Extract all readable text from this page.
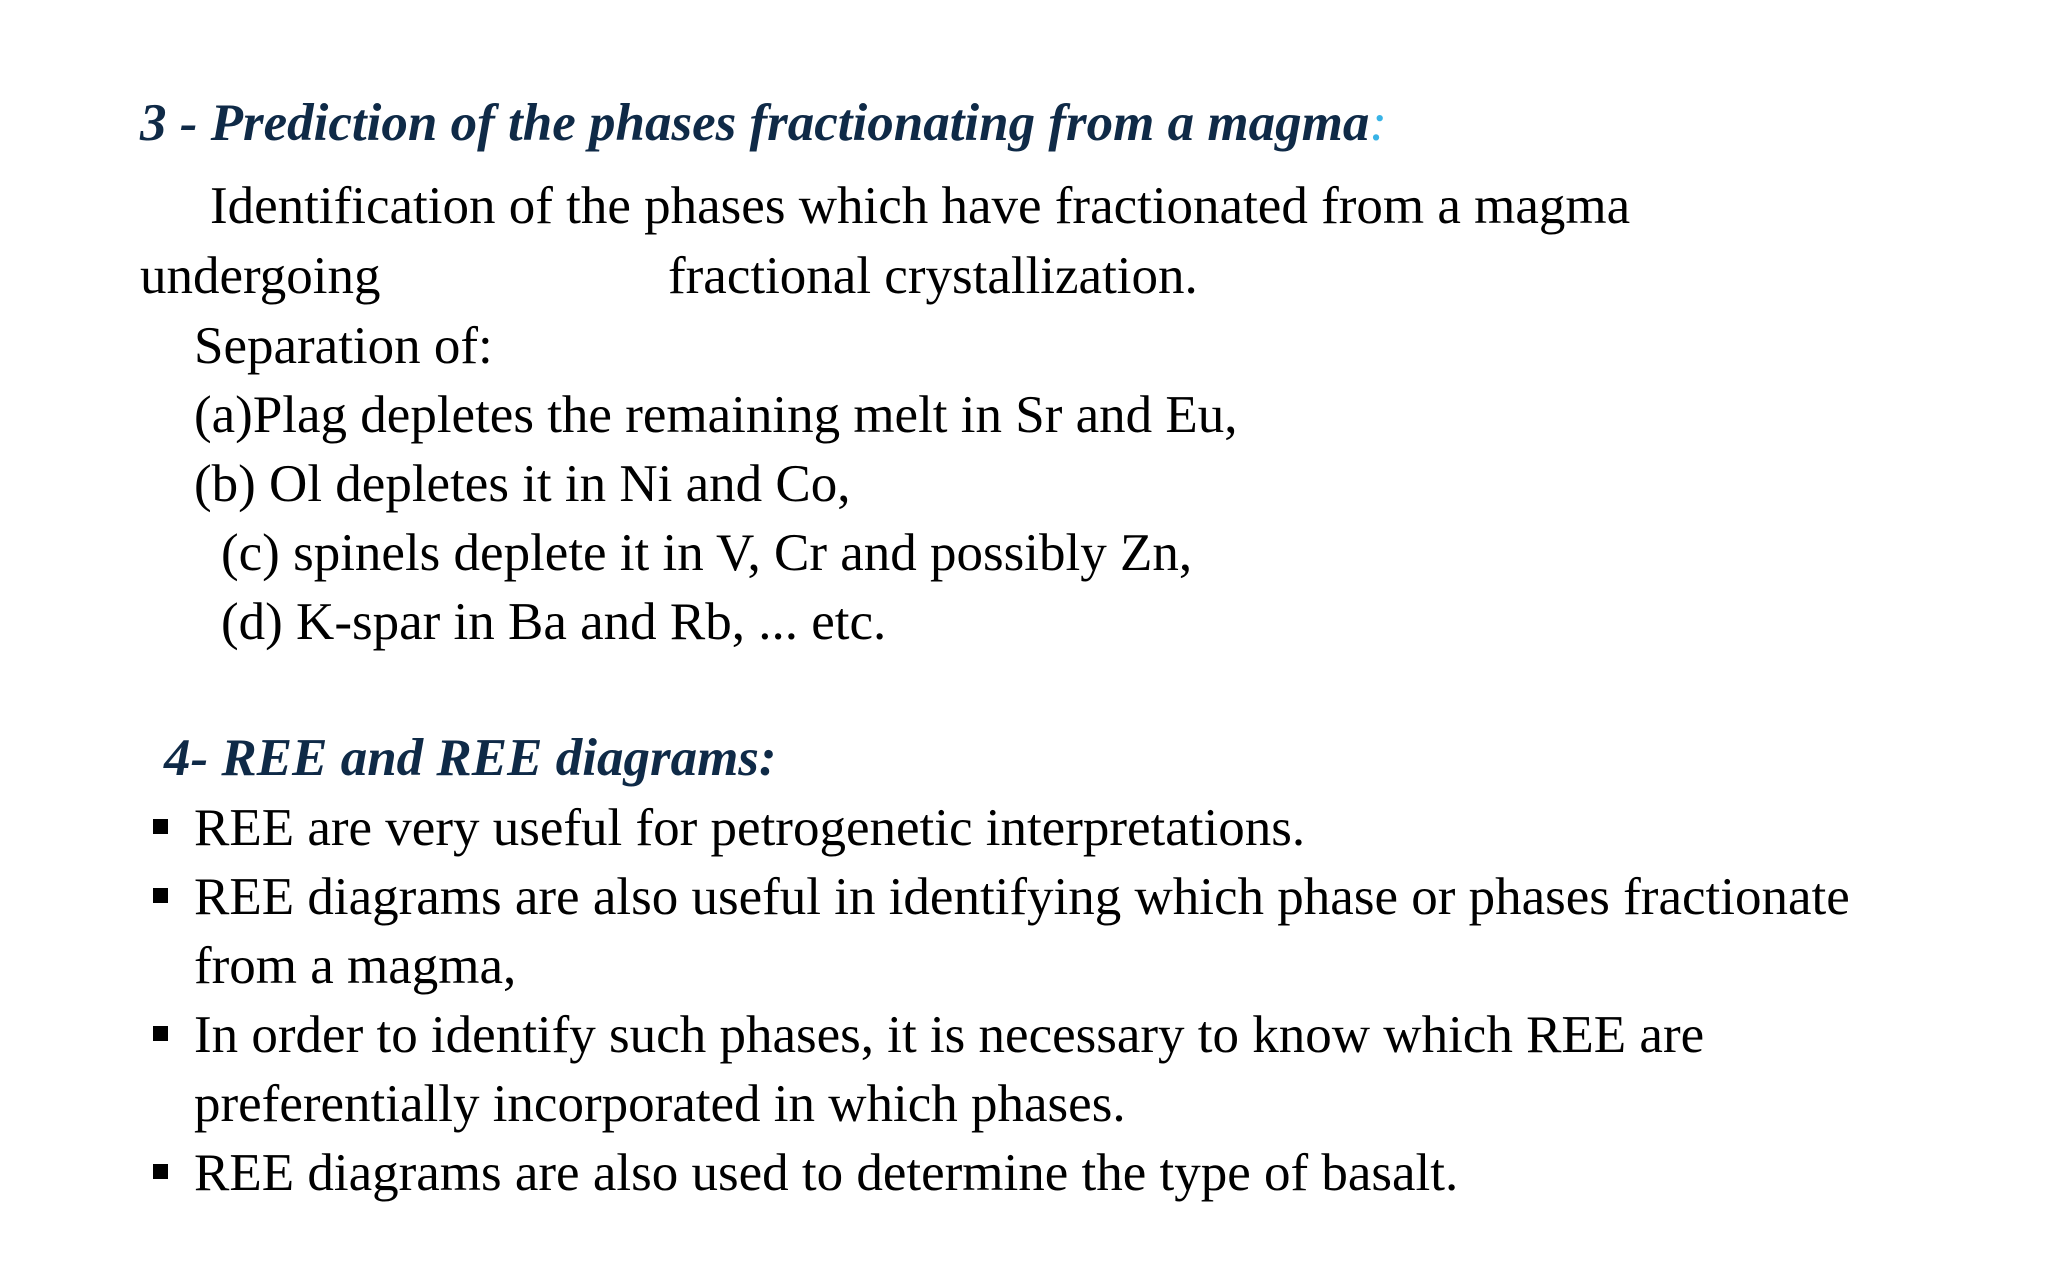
3 - Prediction of the phases fractionating from a magma:
Identification of the phases which have fractionated from a magma
undergoing	fractional crystallization.
Separation of:
(a)Plag depletes the remaining melt in Sr and Eu,
(b) Ol depletes it in Ni and Co,
(c) spinels deplete it in V, Cr and possibly Zn,
(d) K-spar in Ba and Rb, ... etc.
4- REE and REE diagrams:
REE are very useful for petrogenetic interpretations.
REE diagrams are also useful in identifying which phase or phases fractionate
from a magma,
In order to identify such phases, it is necessary to know which REE are
preferentially incorporated in which phases.
REE diagrams are also used to determine the type of basalt.
